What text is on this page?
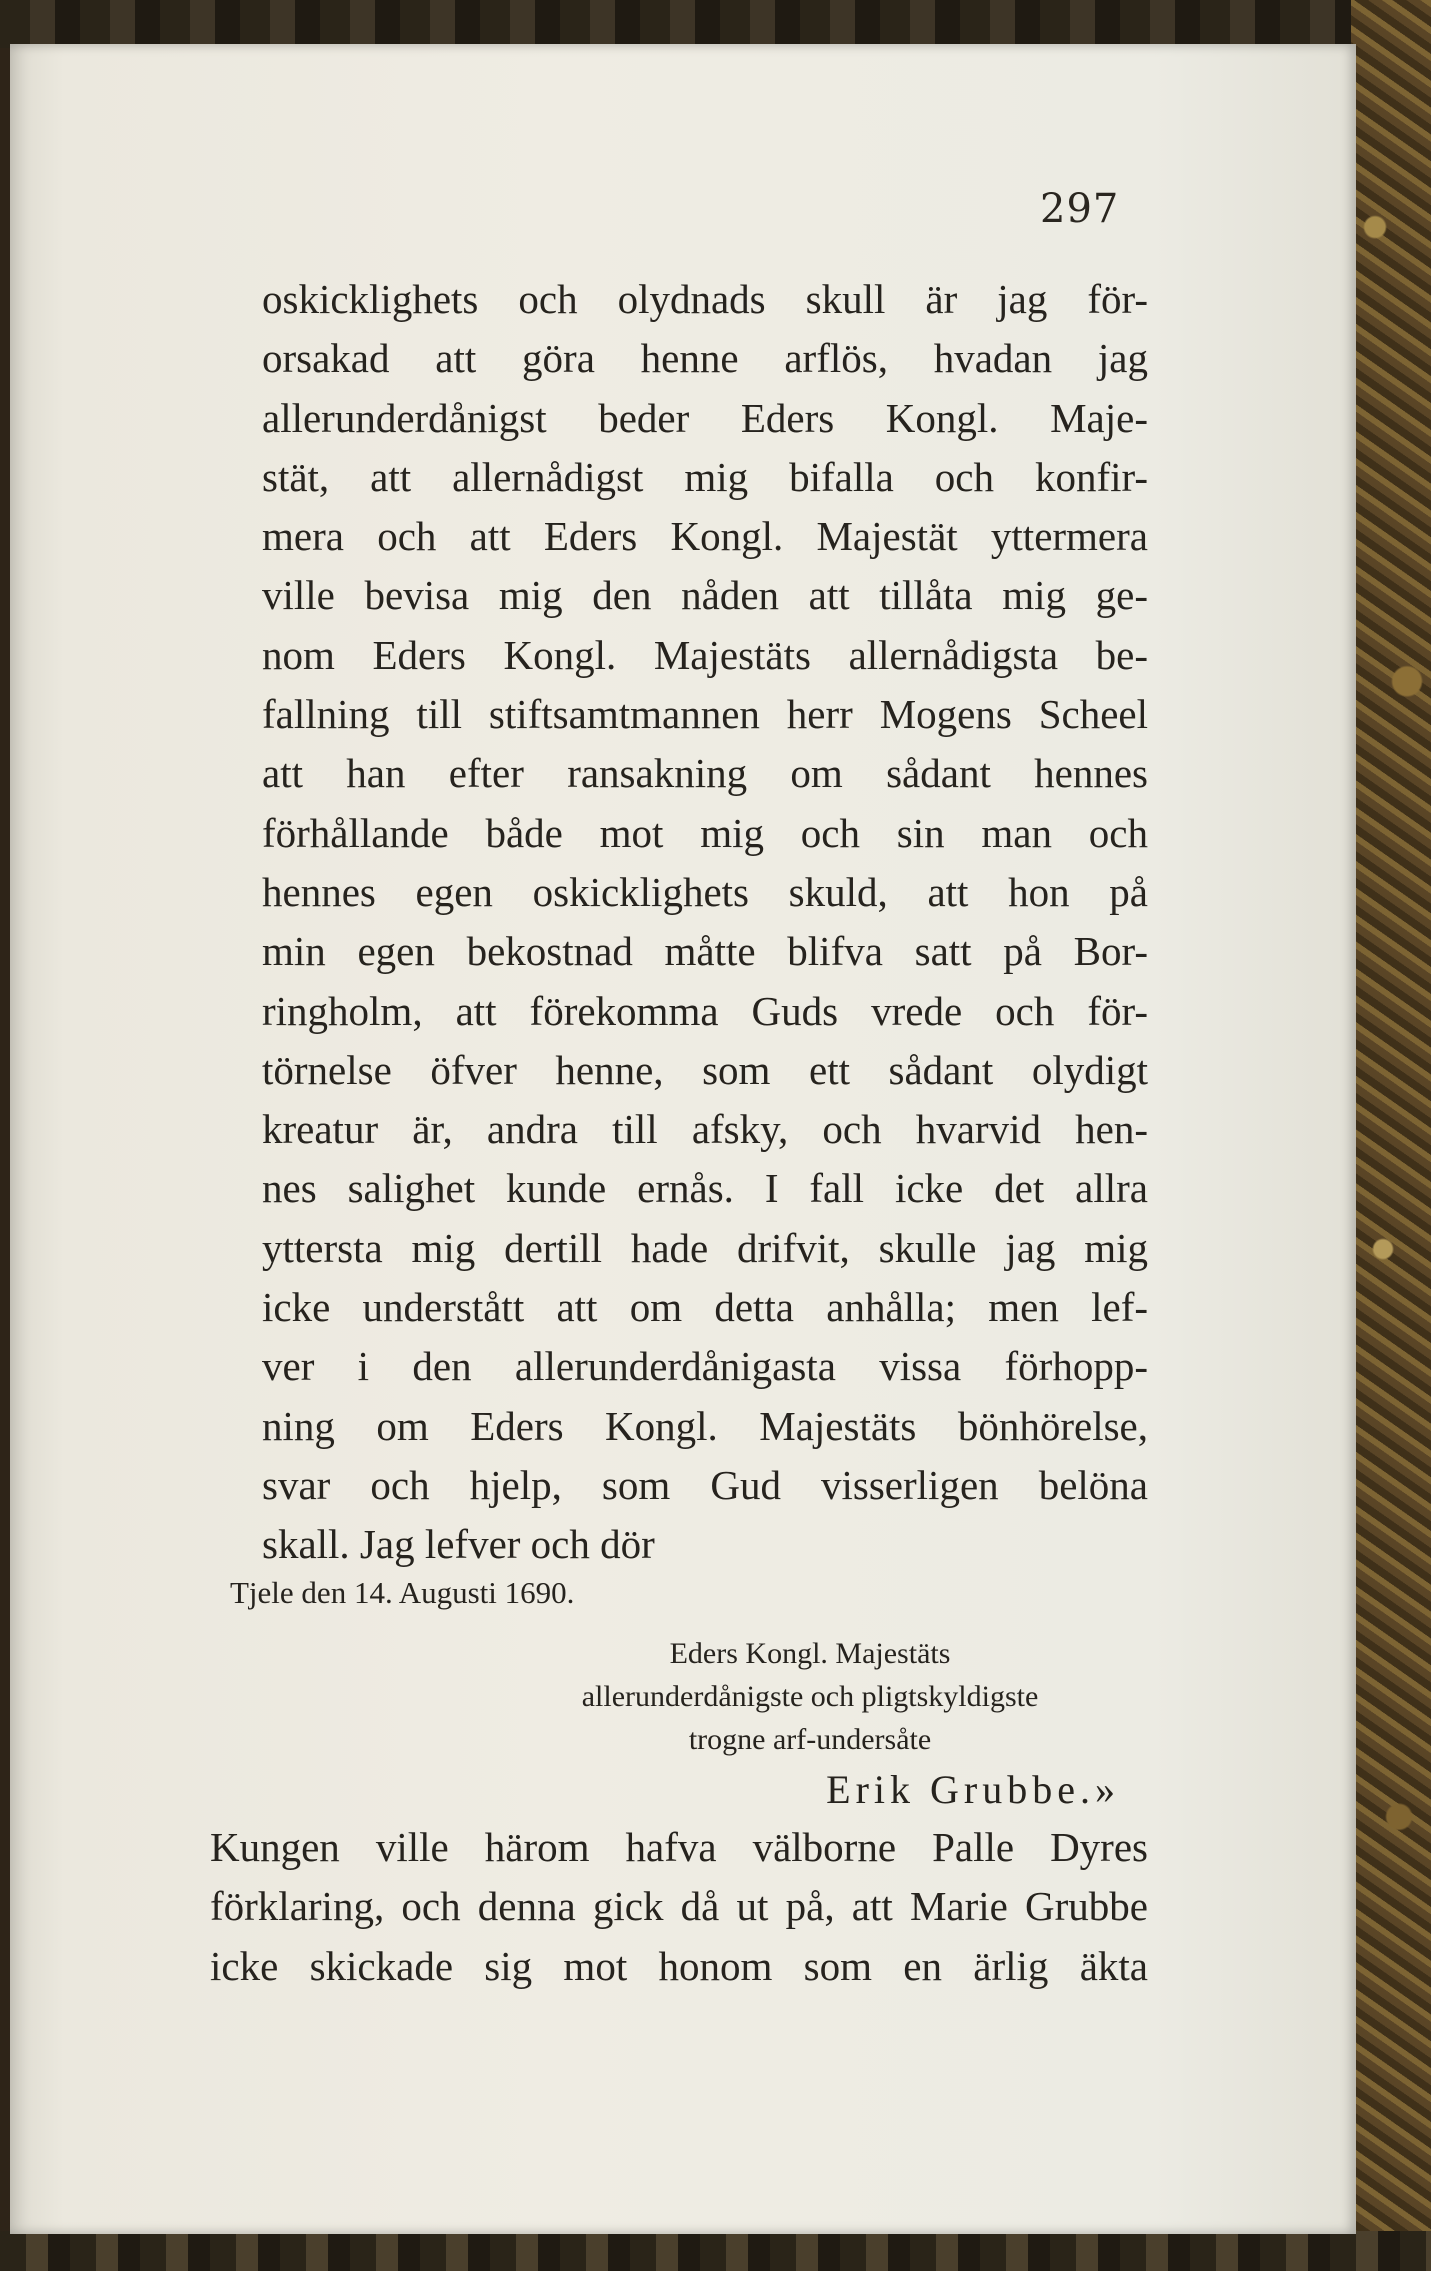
297
oskicklighets och olydnads skull är jag för-
orsakad att göra henne arflös, hvadan jag
allerunderdånigst beder Eders Kongl. Maje-
stät, att allernådigst mig bifalla och konfir-
mera och att Eders Kongl. Majestät yttermera
ville bevisa mig den nåden att tillåta mig ge-
nom Eders Kongl. Majestäts allernådigsta be-
fallning till stiftsamtmannen herr Mogens Scheel
att han efter ransakning om sådant hennes
förhållande både mot mig och sin man och
hennes egen oskicklighets skuld, att hon på
min egen bekostnad måtte blifva satt på Bor-
ringholm, att förekomma Guds vrede och för-
törnelse öfver henne, som ett sådant olydigt
kreatur är, andra till afsky, och hvarvid hen-
nes salighet kunde ernås. I fall icke det allra
yttersta mig dertill hade drifvit, skulle jag mig
icke understått att om detta anhålla; men lef-
ver i den allerunderdånigasta vissa förhopp-
ning om Eders Kongl. Majestäts bönhörelse,
svar och hjelp, som Gud visserligen belöna
skall. Jag lefver och dör
Tjele den 14. Augusti 1690.
Eders Kongl. Majestäts
allerunderdånigste och pligtskyldigste
trogne arf-undersåte
Erik Grubbe.»
Kungen ville härom hafva välborne Palle Dyres
förklaring, och denna gick då ut på, att Marie Grubbe
icke skickade sig mot honom som en ärlig äkta
